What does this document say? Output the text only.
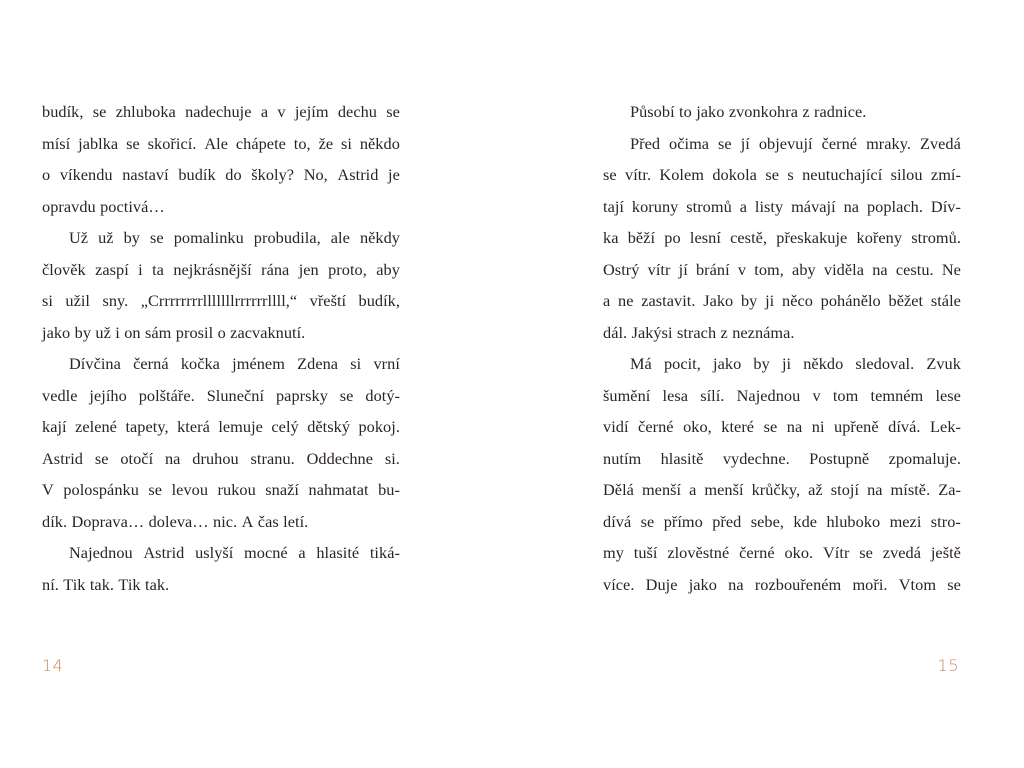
budík, se zhluboka nadechuje a v jejím dechu se
mísí jablka se skořicí. Ale chápete to, že si někdo
o víkendu nastaví budík do školy? No, Astrid je
opravdu poctivá…
Už už by se pomalinku probudila, ale někdy
člověk zaspí i ta nejkrásnější rána jen proto, aby
si užil sny. „Crrrrrrrrlllllllrrrrrrllll,“ vřeští budík,
jako by už i on sám prosil o zacvaknutí.
Dívčina černá kočka jménem Zdena si vrní
vedle jejího polštáře. Sluneční paprsky se dotý-
kají zelené tapety, která lemuje celý dětský pokoj.
Astrid se otočí na druhou stranu. Oddechne si.
V polospánku se levou rukou snaží nahmatat bu-
dík. Doprava… doleva… nic. A čas letí.
Najednou Astrid uslyší mocné a hlasité tiká-
ní. Tik tak. Tik tak.
14
Působí to jako zvonkohra z radnice.
Před očima se jí objevují černé mraky. Zvedá
se vítr. Kolem dokola se s neutuchající silou zmí-
tají koruny stromů a listy mávají na poplach. Dív-
ka běží po lesní cestě, přeskakuje kořeny stromů.
Ostrý vítr jí brání v tom, aby viděla na cestu. Ne
a ne zastavit. Jako by ji něco pohánělo běžet stále
dál. Jakýsi strach z neznáma.
Má pocit, jako by ji někdo sledoval. Zvuk
šumění lesa sílí. Najednou v tom temném lese
vidí černé oko, které se na ni upřeně dívá. Lek-
nutím hlasitě vydechne. Postupně zpomaluje.
Dělá menší a menší krůčky, až stojí na místě. Za-
dívá se přímo před sebe, kde hluboko mezi stro-
my tuší zlověstné černé oko. Vítr se zvedá ještě
více. Duje jako na rozbouřeném moři. Vtom se
15
